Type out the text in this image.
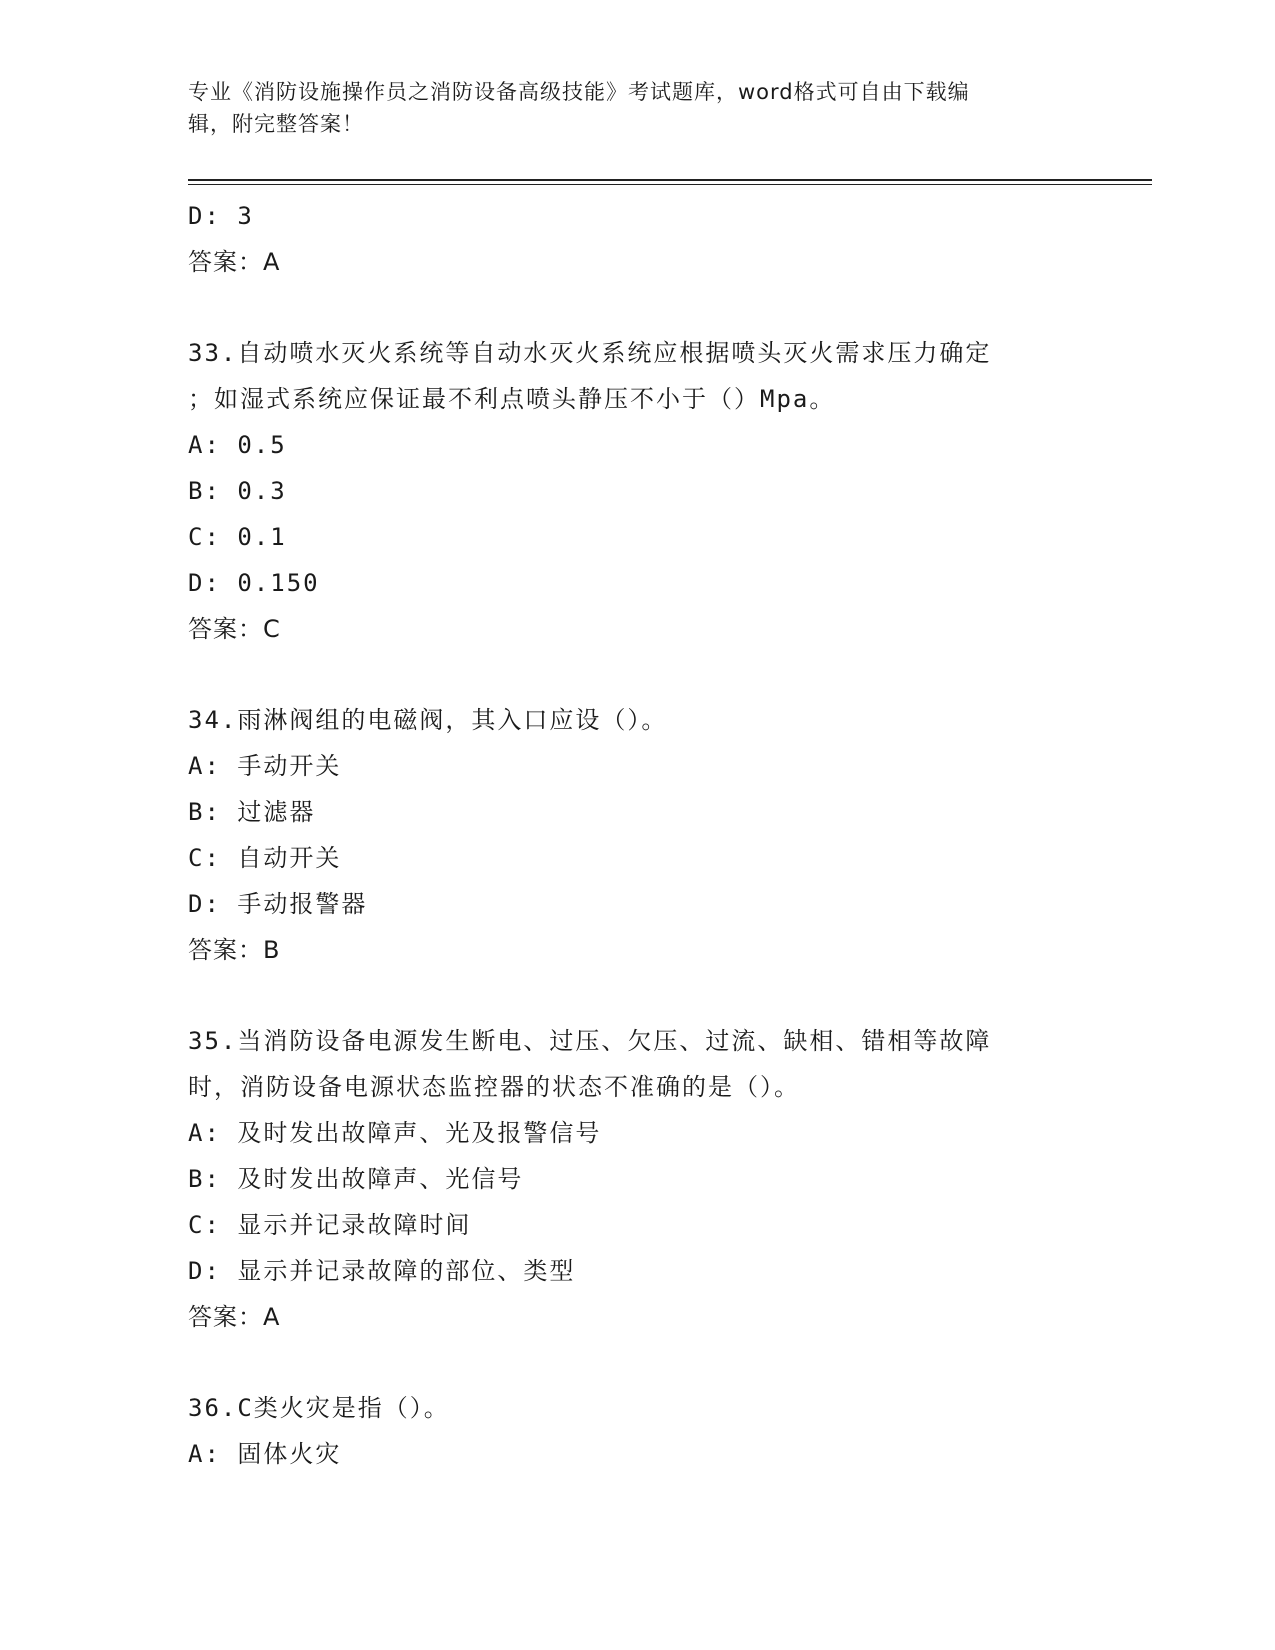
专业《消防设施操作员之消防设备高级技能》考试题库，word格式可自由下载编
辑，附完整答案！
D: 3
答案：A
33.自动喷水灭火系统等自动水灭火系统应根据喷头灭火需求压力确定
；如湿式系统应保证最不利点喷头静压不小于（）Mpa。
A: 0.5
B: 0.3
C: 0.1
D: 0.150
答案：C
34.雨淋阀组的电磁阀，其入口应设（）。
A: 手动开关
B: 过滤器
C: 自动开关
D: 手动报警器
答案：B
35.当消防设备电源发生断电、过压、欠压、过流、缺相、错相等故障
时，消防设备电源状态监控器的状态不准确的是（）。
A: 及时发出故障声、光及报警信号
B: 及时发出故障声、光信号
C: 显示并记录故障时间
D: 显示并记录故障的部位、类型
答案：A
36.C类火灾是指（）。
A: 固体火灾
